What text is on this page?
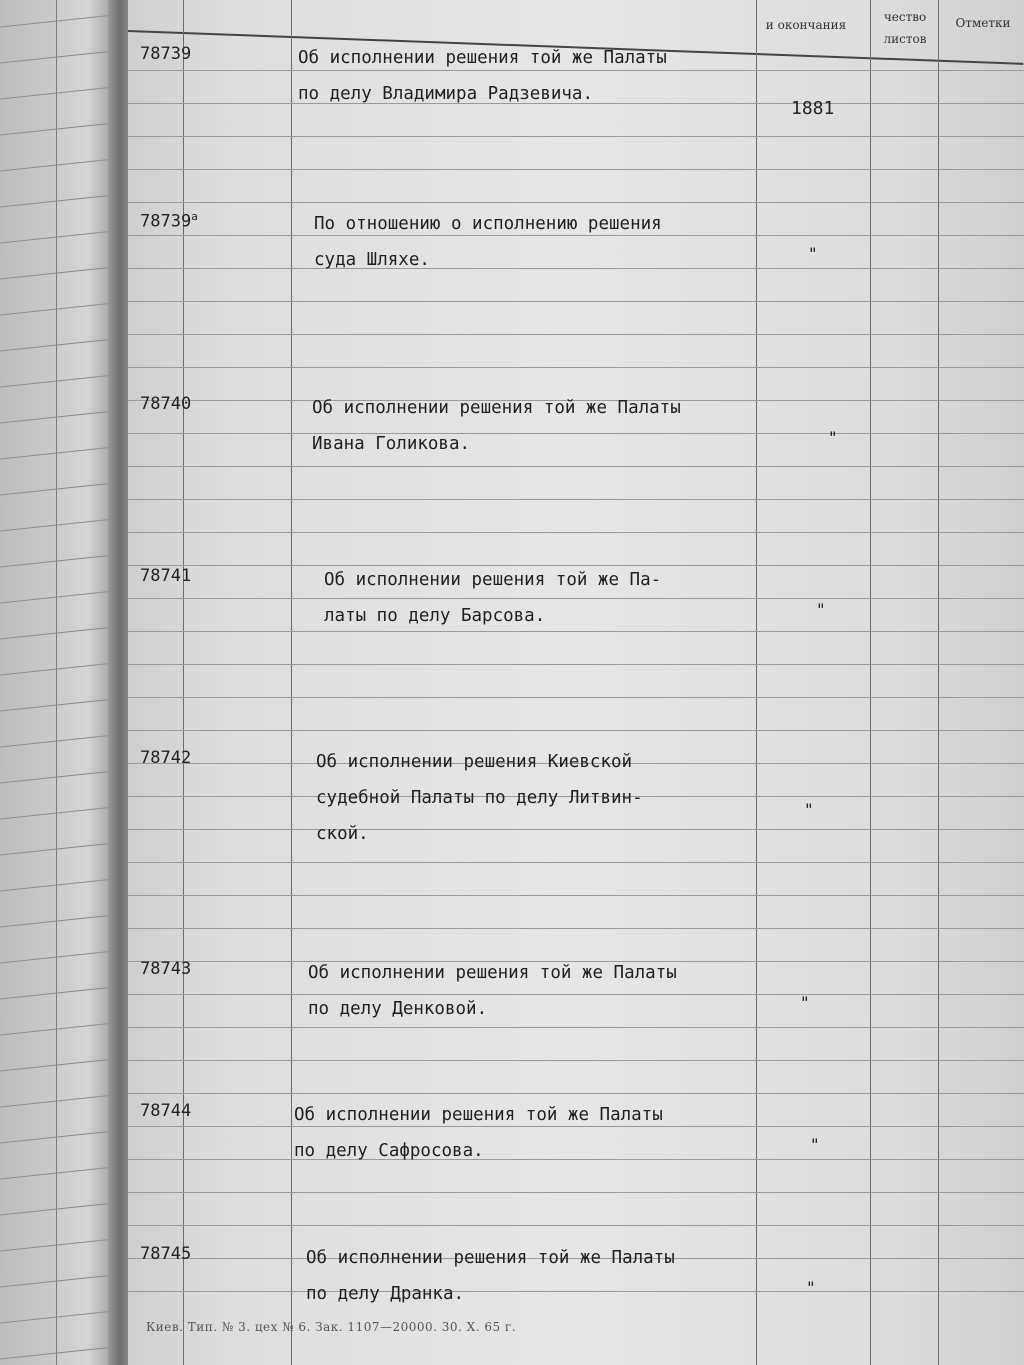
и окончания
чество
листов
Отметки
78739	Об исполнении решения той же Палаты
по делу Владимира Радзевича.
1881
$78739^а$	По отношению о исполнению решения
суда Шляхе.	"
78740	Об исполнении решения той же Палаты
Ивана Голикова.	"
78741	Об исполнении решения той же Па-
латы по делу Барсова.	"
78742	Об исполнении решения Киевской
судебной Палаты по делу Литвин-
ской.
"
78743	Об исполнении решения той же Палаты
по делу Денковой.	"
78744	Об исполнении решения той же Палаты
по делу Сафросова.	"
78745	Об исполнении решения той же Палаты
по делу Дранка.	"
Киев. Тип. № 3. цех № 6. Зак. 1107—20000. 30. X. 65 г.
